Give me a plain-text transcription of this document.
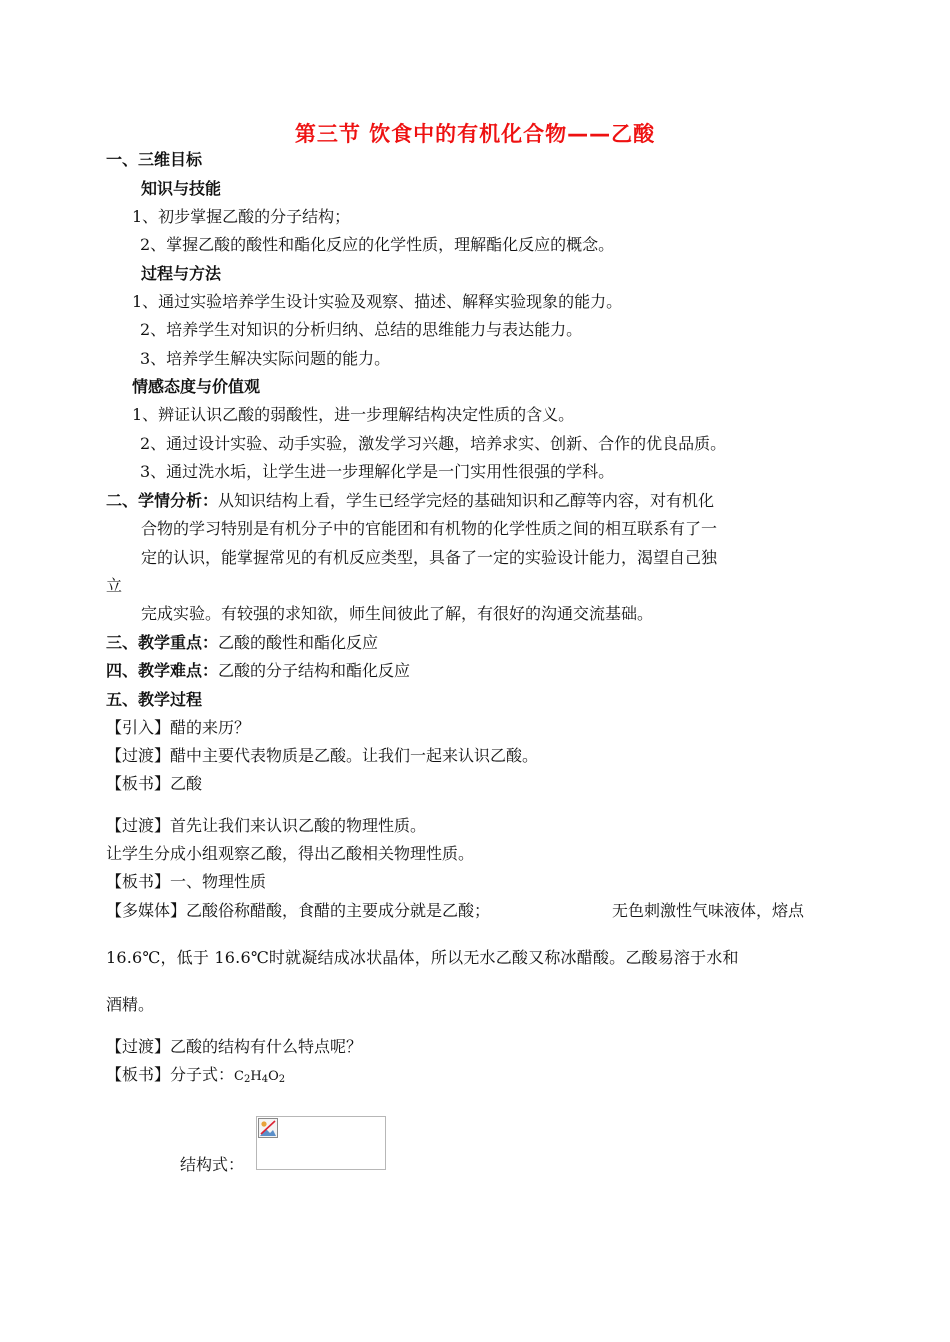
第三节 饮食中的有机化合物——乙酸
一、三维目标
知识与技能
1、初步掌握乙酸的分子结构；
2、掌握乙酸的酸性和酯化反应的化学性质，理解酯化反应的概念。
过程与方法
1、通过实验培养学生设计实验及观察、描述、解释实验现象的能力。
2、培养学生对知识的分析归纳、总结的思维能力与表达能力。
3、培养学生解决实际问题的能力。
情感态度与价值观
1、辨证认识乙酸的弱酸性，进一步理解结构决定性质的含义。
2、通过设计实验、动手实验，激发学习兴趣，培养求实、创新、合作的优良品质。
3、通过洗水垢，让学生进一步理解化学是一门实用性很强的学科。
二、学情分析：从知识结构上看，学生已经学完烃的基础知识和乙醇等内容，对有机化
合物的学习特别是有机分子中的官能团和有机物的化学性质之间的相互联系有了一
定的认识，能掌握常见的有机反应类型，具备了一定的实验设计能力，渴望自己独
立
完成实验。有较强的求知欲，师生间彼此了解，有很好的沟通交流基础。
三、教学重点：乙酸的酸性和酯化反应
四、教学难点：乙酸的分子结构和酯化反应
五、教学过程
【引入】醋的来历？
【过渡】醋中主要代表物质是乙酸。让我们一起来认识乙酸。
【板书】乙酸
【过渡】首先让我们来认识乙酸的物理性质。
让学生分成小组观察乙酸，得出乙酸相关物理性质。
【板书】一、物理性质
【多媒体】乙酸俗称醋酸，食醋的主要成分就是乙酸；	无色刺激性气味液体，熔点
16.6℃，低于 16.6℃时就凝结成冰状晶体，所以无水乙酸又称冰醋酸。乙酸易溶于水和
酒精。
【过渡】乙酸的结构有什么特点呢？
【板书】分子式：$C_2H_4O_2$
结构式：
